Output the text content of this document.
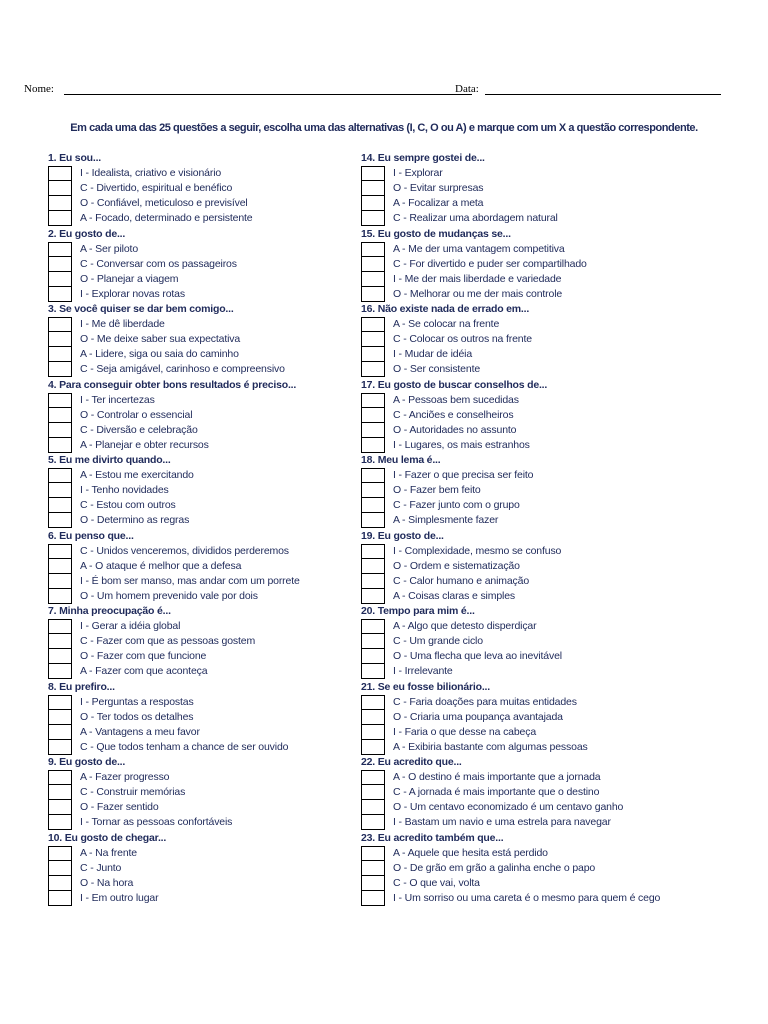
Nome:	Data:
Em cada uma das 25 questões a seguir, escolha uma das alternativas (I, C, O ou A) e marque com um X a questão correspondente.
1. Eu sou...
I - Idealista, criativo e visionário
C - Divertido, espiritual e benéfico
O - Confiável, meticuloso e previsível
A - Focado, determinado e persistente
2. Eu gosto de...
A - Ser piloto
C - Conversar com os passageiros
O - Planejar a viagem
I - Explorar novas rotas
3. Se você quiser se dar bem comigo...
I - Me dê liberdade
O - Me deixe saber sua expectativa
A - Lidere, siga ou saia do caminho
C - Seja amigável, carinhoso e compreensivo
4. Para conseguir obter bons resultados é preciso...
I - Ter incertezas
O - Controlar o essencial
C - Diversão e celebração
A - Planejar e obter recursos
5. Eu me divirto quando...
A - Estou me exercitando
I - Tenho novidades
C - Estou com outros
O - Determino as regras
6. Eu penso que...
C - Unidos venceremos, divididos perderemos
A - O ataque é melhor que a defesa
I - É bom ser manso, mas andar com um porrete
O - Um homem prevenido vale por dois
7. Minha preocupação é...
I - Gerar a idéia global
C - Fazer com que as pessoas gostem
O - Fazer com que funcione
A - Fazer com que aconteça
8. Eu prefiro...
I - Perguntas a respostas
O - Ter todos os detalhes
A - Vantagens a meu favor
C - Que todos tenham a chance de ser ouvido
9. Eu gosto de...
A - Fazer progresso
C - Construir memórias
O - Fazer sentido
I - Tornar as pessoas confortáveis
10. Eu gosto de chegar...
A - Na frente
C - Junto
O - Na hora
I - Em outro lugar
14. Eu sempre gostei de...
I - Explorar
O - Evitar surpresas
A - Focalizar a meta
C - Realizar uma abordagem natural
15. Eu gosto de mudanças se...
A - Me der uma vantagem competitiva
C - For divertido e puder ser compartilhado
I - Me der mais liberdade e variedade
O - Melhorar ou me der mais controle
16. Não existe nada de errado em...
A - Se colocar na frente
C - Colocar os outros na frente
I - Mudar de idéia
O - Ser consistente
17. Eu gosto de buscar conselhos de...
A - Pessoas bem sucedidas
C - Anciões e conselheiros
O - Autoridades no assunto
I - Lugares, os mais estranhos
18. Meu lema é...
I - Fazer o que precisa ser feito
O - Fazer bem feito
C - Fazer junto com o grupo
A - Simplesmente fazer
19. Eu gosto de...
I - Complexidade, mesmo se confuso
O - Ordem e sistematização
C - Calor humano e animação
A - Coisas claras e simples
20. Tempo para mim é...
A - Algo que detesto disperdiçar
C - Um grande ciclo
O - Uma flecha que leva ao inevitável
I - Irrelevante
21. Se eu fosse bilionário...
C - Faria doações para muitas entidades
O - Criaria uma poupança avantajada
I - Faria o que desse na cabeça
A - Exibiria bastante com algumas pessoas
22. Eu acredito que...
A - O destino é mais importante que a jornada
C - A jornada é mais importante que o destino
O - Um centavo economizado é um centavo ganho
I - Bastam um navio e uma estrela para navegar
23. Eu acredito também que...
A - Aquele que hesita está perdido
O - De grão em grão a galinha enche o papo
C - O que vai, volta
I - Um sorriso ou uma careta é o mesmo para quem é cego
